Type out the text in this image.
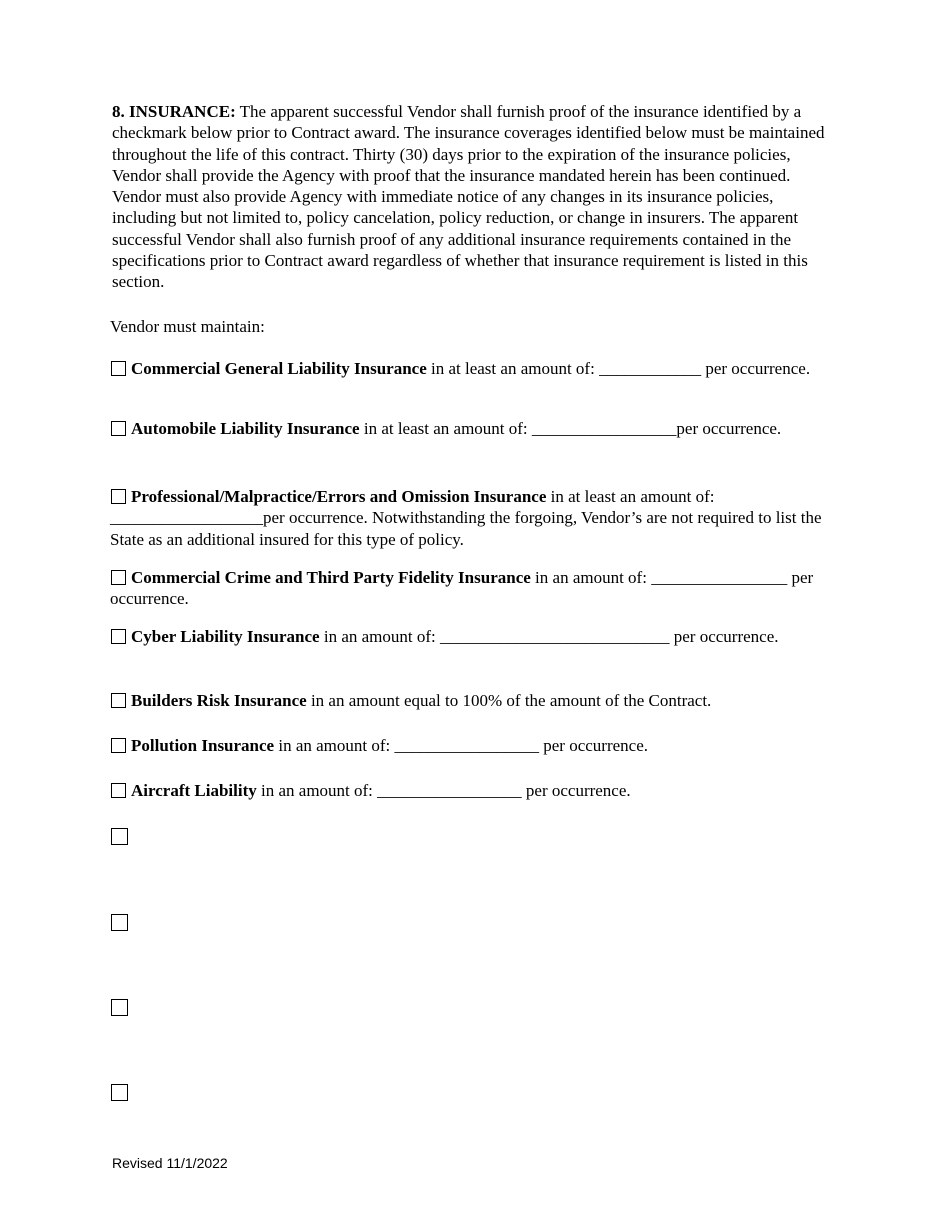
8. INSURANCE: The apparent successful Vendor shall furnish proof of the insurance identified by a checkmark below prior to Contract award. The insurance coverages identified below must be maintained throughout the life of this contract. Thirty (30) days prior to the expiration of the insurance policies, Vendor shall provide the Agency with proof that the insurance mandated herein has been continued. Vendor must also provide Agency with immediate notice of any changes in its insurance policies, including but not limited to, policy cancelation, policy reduction, or change in insurers. The apparent successful Vendor shall also furnish proof of any additional insurance requirements contained in the specifications prior to Contract award regardless of whether that insurance requirement is listed in this section.

Vendor must maintain:

Commercial General Liability Insurance in at least an amount of: ____________ per occurrence.

Automobile Liability Insurance in at least an amount of: _________________per occurrence.

Professional/Malpractice/Errors and Omission Insurance in at least an amount of: __________________per occurrence. Notwithstanding the forgoing, Vendor’s are not required to list the State as an additional insured for this type of policy.

Commercial Crime and Third Party Fidelity Insurance in an amount of: ________________ per occurrence.

Cyber Liability Insurance in an amount of: ___________________________ per occurrence.

Builders Risk Insurance in an amount equal to 100% of the amount of the Contract.

Pollution Insurance in an amount of: _________________ per occurrence.

Aircraft Liability in an amount of: _________________ per occurrence.

Revised 11/1/2022
